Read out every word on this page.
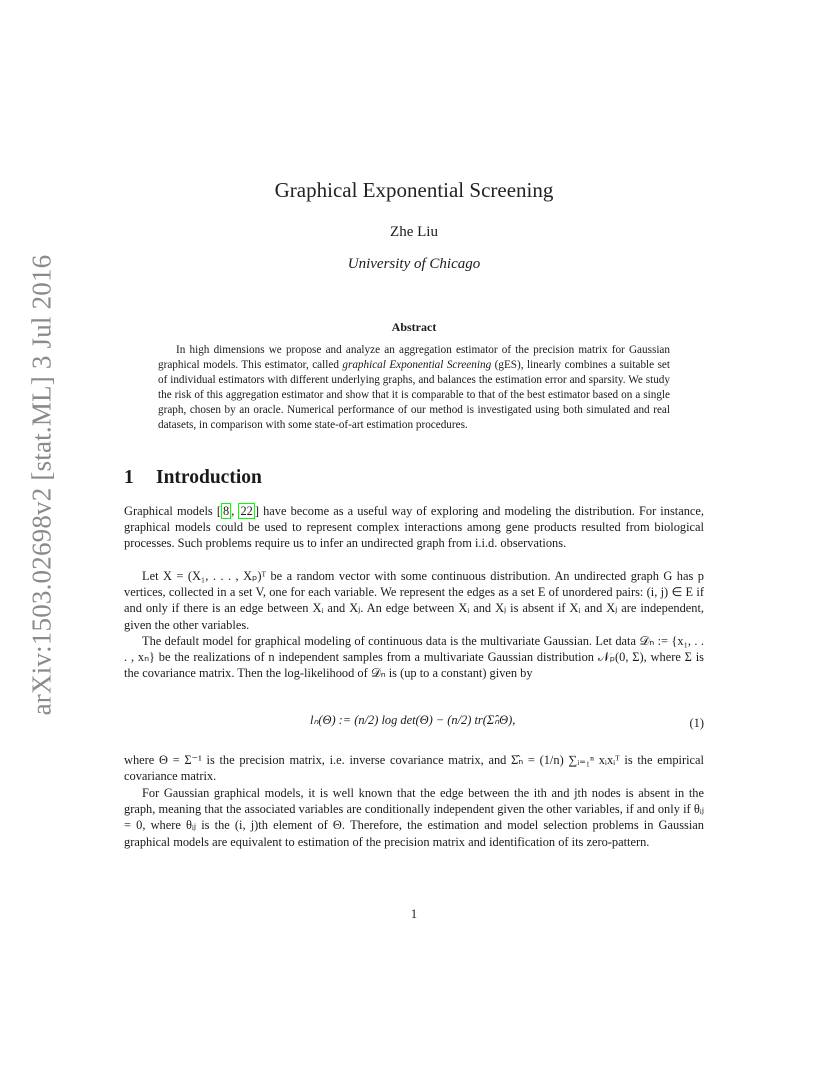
arXiv:1503.02698v2 [stat.ML] 3 Jul 2016
Graphical Exponential Screening
Zhe Liu
University of Chicago
Abstract

In high dimensions we propose and analyze an aggregation estimator of the precision matrix for Gaussian graphical models. This estimator, called graphical Exponential Screening (gES), linearly combines a suitable set of individual estimators with different underlying graphs, and balances the estimation error and sparsity. We study the risk of this aggregation estimator and show that it is comparable to that of the best estimator based on a single graph, chosen by an oracle. Numerical performance of our method is investigated using both simulated and real datasets, in comparison with some state-of-art estimation procedures.

1 Introduction

Graphical models [ 8 , 22 ] have become as a useful way of exploring and modeling the distribution. For instance, graphical models could be used to represent complex interactions among gene products resulted from biological processes. Such problems require us to infer an undirected graph from i.i.d. observations.

Let X = (X₁, . . . , Xₚ)ᵀ be a random vector with some continuous distribution. An undirected graph G has p vertices, collected in a set V, one for each variable. We represent the edges as a set E of unordered pairs: (i, j) ∈ E if and only if there is an edge between Xᵢ and Xⱼ. An edge between Xᵢ and Xⱼ is absent if Xᵢ and Xⱼ are independent, given the other variables.

The default model for graphical modeling of continuous data is the multivariate Gaussian. Let data 𝒟ₙ := {x₁, . . . , xₙ} be the realizations of n independent samples from a multivariate Gaussian distribution 𝒩ₚ(0, Σ), where Σ is the covariance matrix. Then the log-likelihood of 𝒟ₙ is (up to a constant) given by

lₙ(Θ) := (n/2) log det(Θ) − (n/2) tr(Σ̂ₙΘ),	(1)

where Θ = Σ⁻¹ is the precision matrix, i.e. inverse covariance matrix, and Σ̂ₙ = (1/n) ∑ᵢ₌₁ⁿ xᵢxᵢᵀ is the empirical covariance matrix.

For Gaussian graphical models, it is well known that the edge between the ith and jth nodes is absent in the graph, meaning that the associated variables are conditionally independent given the other variables, if and only if θᵢⱼ = 0, where θᵢⱼ is the (i, j)th element of Θ. Therefore, the estimation and model selection problems in Gaussian graphical models are equivalent to estimation of the precision matrix and identification of its zero-pattern.

1
